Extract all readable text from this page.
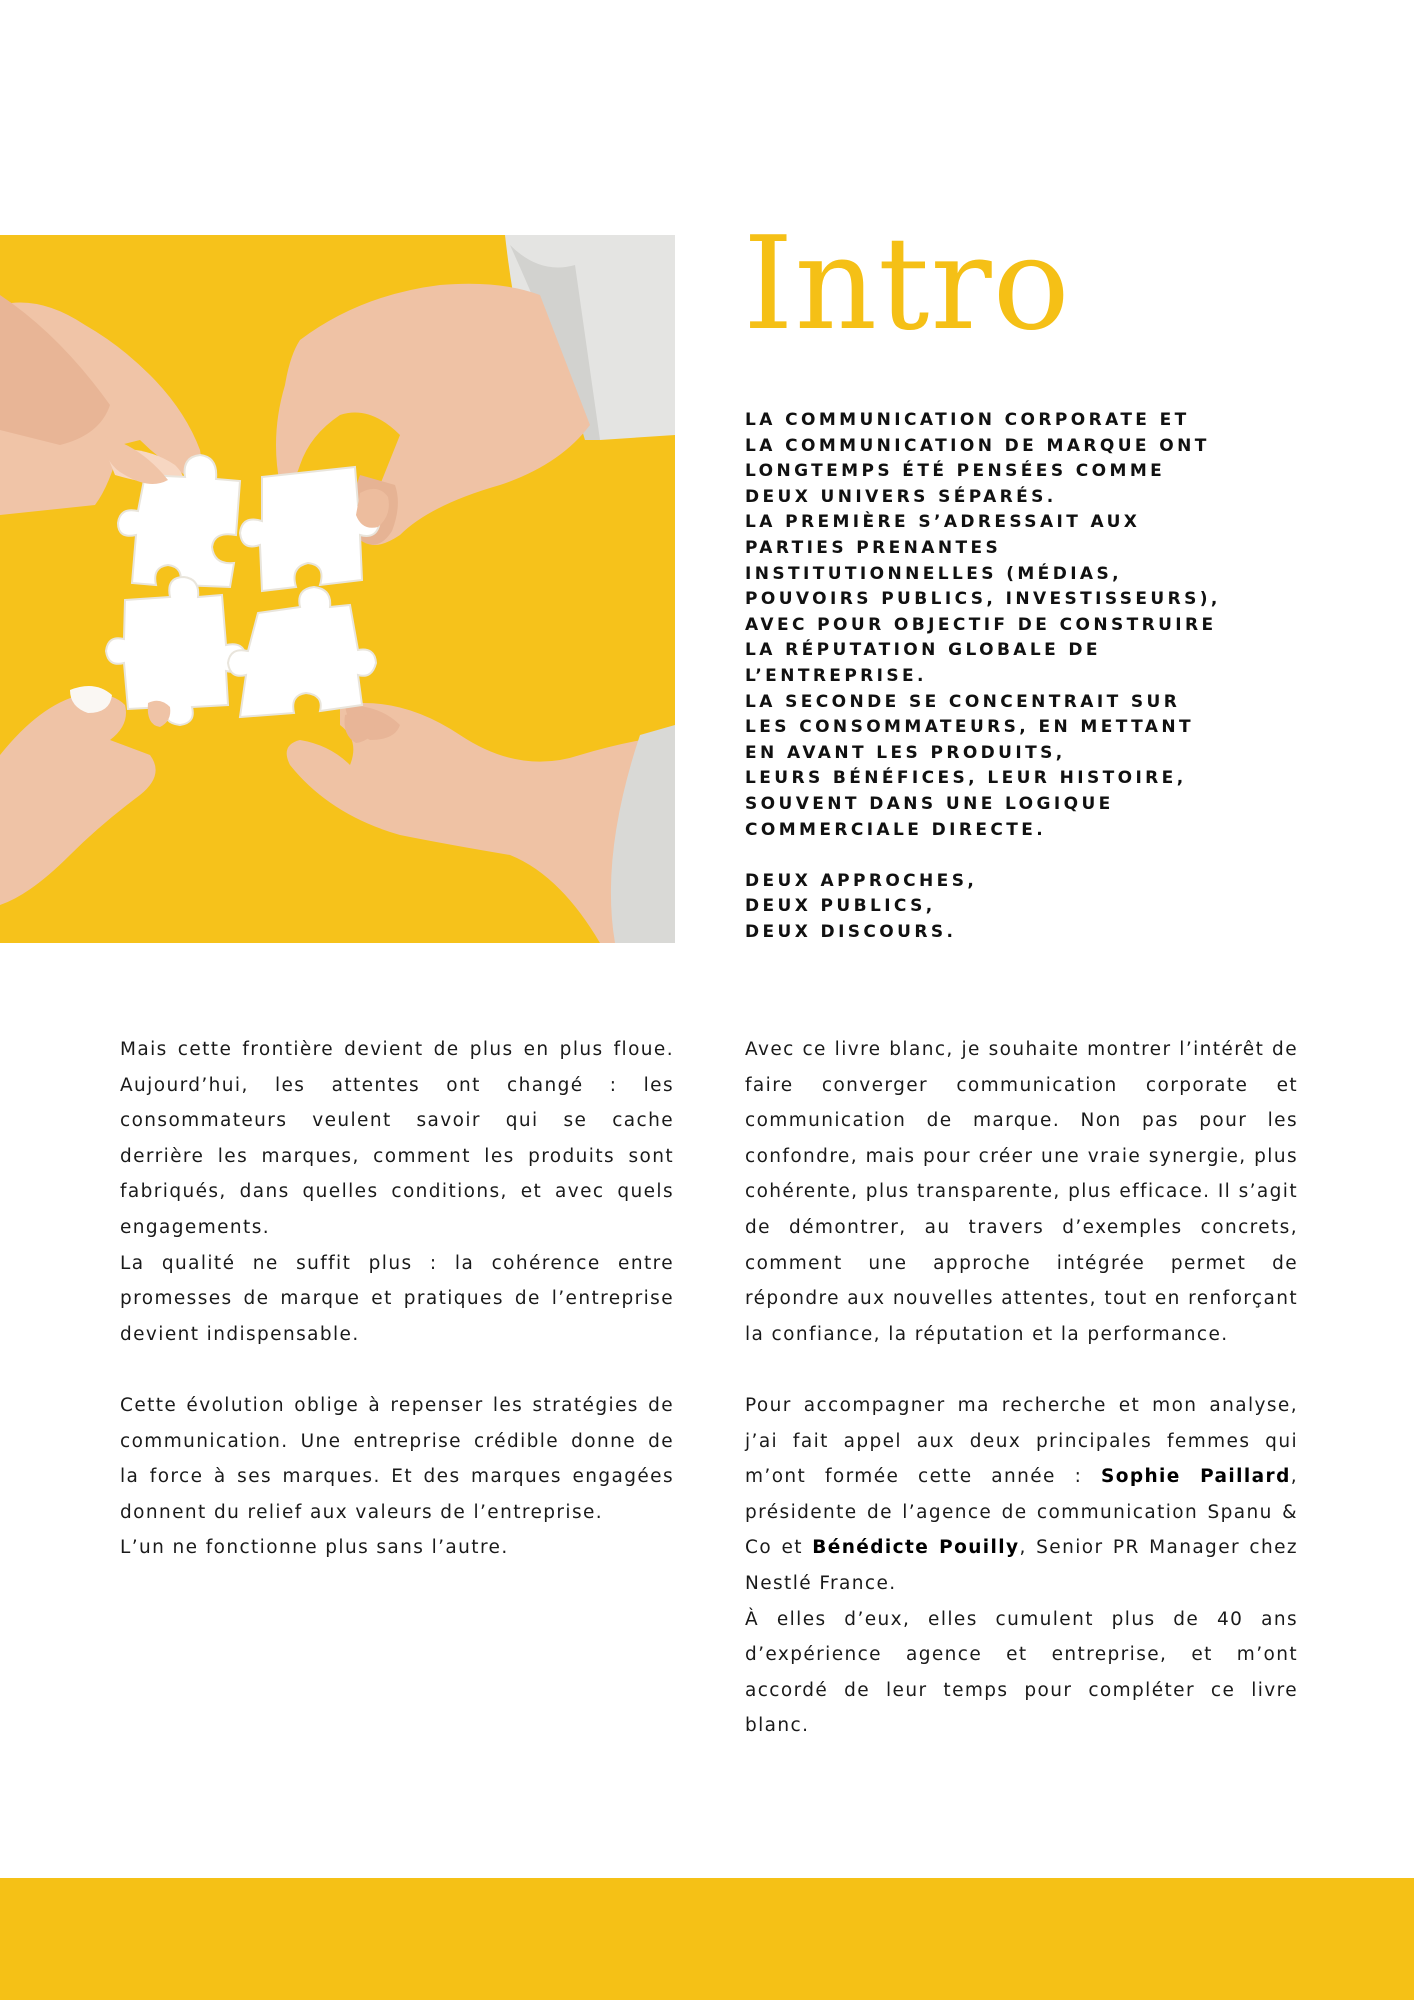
Intro
LA COMMUNICATION CORPORATE ET
LA COMMUNICATION DE MARQUE ONT
LONGTEMPS ÉTÉ PENSÉES COMME
DEUX UNIVERS SÉPARÉS.
LA PREMIÈRE S’ADRESSAIT AUX
PARTIES PRENANTES
INSTITUTIONNELLES (MÉDIAS,
POUVOIRS PUBLICS, INVESTISSEURS),
AVEC POUR OBJECTIF DE CONSTRUIRE
LA RÉPUTATION GLOBALE DE
L’ENTREPRISE.
LA SECONDE SE CONCENTRAIT SUR
LES CONSOMMATEURS, EN METTANT
EN AVANT LES PRODUITS,
LEURS BÉNÉFICES, LEUR HISTOIRE,
SOUVENT DANS UNE LOGIQUE
COMMERCIALE DIRECTE.
DEUX APPROCHES,
DEUX PUBLICS,
DEUX DISCOURS.

Mais cette frontière devient de plus en plus floue. Aujourd’hui, les attentes ont changé : les consommateurs veulent savoir qui se cache derrière les marques, comment les produits sont fabriqués, dans quelles conditions, et avec quels engagements.

La qualité ne suffit plus : la cohérence entre promesses de marque et pratiques de l’entreprise devient indispensable.

Cette évolution oblige à repenser les stratégies de communication. Une entreprise crédible donne de la force à ses marques. Et des marques engagées donnent du relief aux valeurs de l’entreprise.

L’un ne fonctionne plus sans l’autre.

Avec ce livre blanc, je souhaite montrer l’intérêt de faire converger communication corporate et communication de marque. Non pas pour les confondre, mais pour créer une vraie synergie, plus cohérente, plus transparente, plus efficace. Il s’agit de démontrer, au travers d’exemples concrets, comment une approche intégrée permet de répondre aux nouvelles attentes, tout en renforçant la confiance, la réputation et la performance.

Pour accompagner ma recherche et mon analyse, j’ai fait appel aux deux principales femmes qui m’ont formée cette année : Sophie Paillard, présidente de l’agence de communication Spanu & Co et Bénédicte Pouilly, Senior PR Manager chez Nestlé France.

À elles d’eux, elles cumulent plus de 40 ans d’expérience agence et entreprise, et m’ont accordé de leur temps pour compléter ce livre blanc.
